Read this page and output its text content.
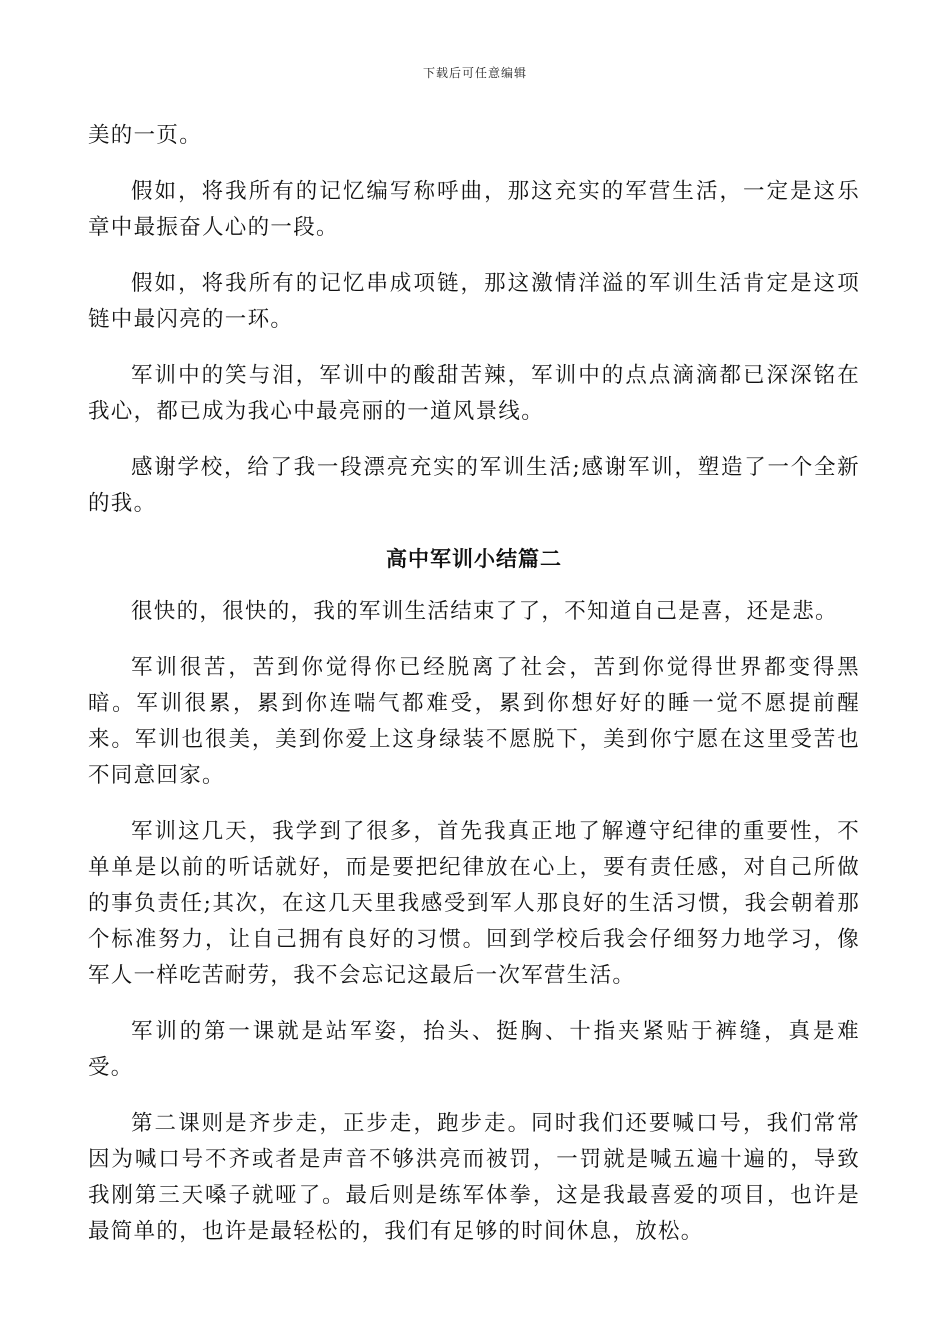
下载后可任意编辑

美的一页。

假如，将我所有的记忆编写称呼曲，那这充实的军营生活，一定是这乐章中最振奋人心的一段。

假如，将我所有的记忆串成项链，那这激情洋溢的军训生活肯定是这项链中最闪亮的一环。

军训中的笑与泪，军训中的酸甜苦辣，军训中的点点滴滴都已深深铭在我心，都已成为我心中最亮丽的一道风景线。

感谢学校，给了我一段漂亮充实的军训生活;感谢军训，塑造了一个全新的我。

高中军训小结篇二

很快的，很快的，我的军训生活结束了了，不知道自己是喜，还是悲。

军训很苦，苦到你觉得你已经脱离了社会，苦到你觉得世界都变得黑暗。军训很累，累到你连喘气都难受，累到你想好好的睡一觉不愿提前醒来。军训也很美，美到你爱上这身绿装不愿脱下，美到你宁愿在这里受苦也不同意回家。

军训这几天，我学到了很多，首先我真正地了解遵守纪律的重要性，不单单是以前的听话就好，而是要把纪律放在心上，要有责任感，对自己所做的事负责任;其次，在这几天里我感受到军人那良好的生活习惯，我会朝着那个标准努力，让自己拥有良好的习惯。回到学校后我会仔细努力地学习，像军人一样吃苦耐劳，我不会忘记这最后一次军营生活。

军训的第一课就是站军姿，抬头、挺胸、十指夹紧贴于裤缝，真是难受。

第二课则是齐步走，正步走，跑步走。同时我们还要喊口号，我们常常因为喊口号不齐或者是声音不够洪亮而被罚，一罚就是喊五遍十遍的，导致我刚第三天嗓子就哑了。最后则是练军体拳，这是我最喜爱的项目，也许是最简单的，也许是最轻松的，我们有足够的时间休息，放松。
